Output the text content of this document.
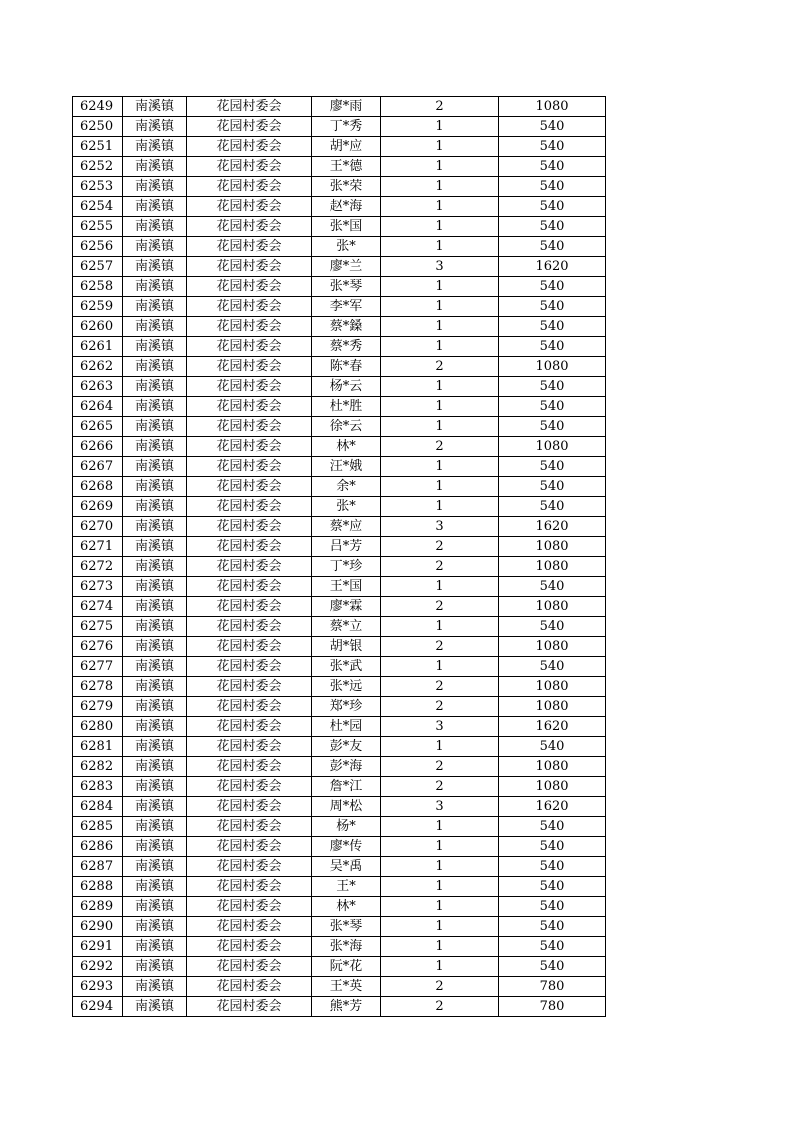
6249	南溪镇	花园村委会	廖*雨	2	1080
6250	南溪镇	花园村委会	丁*秀	1	540
6251	南溪镇	花园村委会	胡*应	1	540
6252	南溪镇	花园村委会	王*德	1	540
6253	南溪镇	花园村委会	张*荣	1	540
6254	南溪镇	花园村委会	赵*海	1	540
6255	南溪镇	花园村委会	张*国	1	540
6256	南溪镇	花园村委会	张*	1	540
6257	南溪镇	花园村委会	廖*兰	3	1620
6258	南溪镇	花园村委会	张*琴	1	540
6259	南溪镇	花园村委会	李*军	1	540
6260	南溪镇	花园村委会	蔡*鎟	1	540
6261	南溪镇	花园村委会	蔡*秀	1	540
6262	南溪镇	花园村委会	陈*春	2	1080
6263	南溪镇	花园村委会	杨*云	1	540
6264	南溪镇	花园村委会	杜*胜	1	540
6265	南溪镇	花园村委会	徐*云	1	540
6266	南溪镇	花园村委会	林*	2	1080
6267	南溪镇	花园村委会	汪*娥	1	540
6268	南溪镇	花园村委会	余*	1	540
6269	南溪镇	花园村委会	张*	1	540
6270	南溪镇	花园村委会	蔡*应	3	1620
6271	南溪镇	花园村委会	吕*芳	2	1080
6272	南溪镇	花园村委会	丁*珍	2	1080
6273	南溪镇	花园村委会	王*国	1	540
6274	南溪镇	花园村委会	廖*霖	2	1080
6275	南溪镇	花园村委会	蔡*立	1	540
6276	南溪镇	花园村委会	胡*银	2	1080
6277	南溪镇	花园村委会	张*武	1	540
6278	南溪镇	花园村委会	张*远	2	1080
6279	南溪镇	花园村委会	郑*珍	2	1080
6280	南溪镇	花园村委会	杜*园	3	1620
6281	南溪镇	花园村委会	彭*友	1	540
6282	南溪镇	花园村委会	彭*海	2	1080
6283	南溪镇	花园村委会	詹*江	2	1080
6284	南溪镇	花园村委会	周*松	3	1620
6285	南溪镇	花园村委会	杨*	1	540
6286	南溪镇	花园村委会	廖*传	1	540
6287	南溪镇	花园村委会	吴*禹	1	540
6288	南溪镇	花园村委会	王*	1	540
6289	南溪镇	花园村委会	林*	1	540
6290	南溪镇	花园村委会	张*琴	1	540
6291	南溪镇	花园村委会	张*海	1	540
6292	南溪镇	花园村委会	阮*花	1	540
6293	南溪镇	花园村委会	王*英	2	780
6294	南溪镇	花园村委会	熊*芳	2	780
